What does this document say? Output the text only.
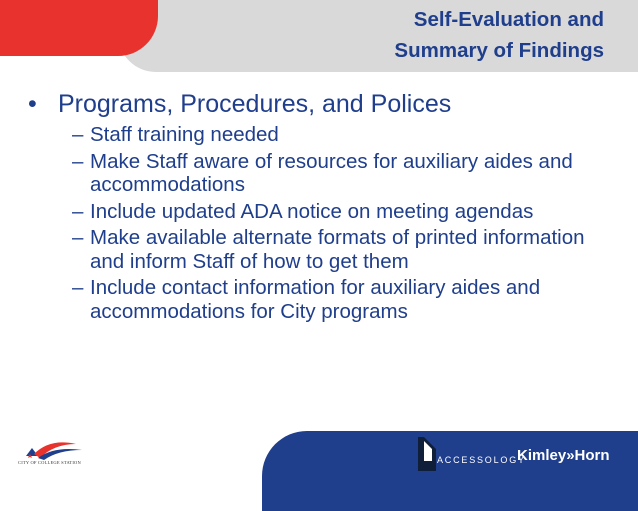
Self-Evaluation and
Summary of Findings
• Programs, Procedures, and Polices
– Staff training needed
– Make Staff aware of resources for auxiliary aides and accommodations
– Include updated ADA notice on meeting agendas
– Make available alternate formats of printed information and inform Staff of how to get them
– Include contact information for auxiliary aides and accommodations for City programs
CITY OF COLLEGE STATION	ACCESSOLOGY
Kimley»Horn
